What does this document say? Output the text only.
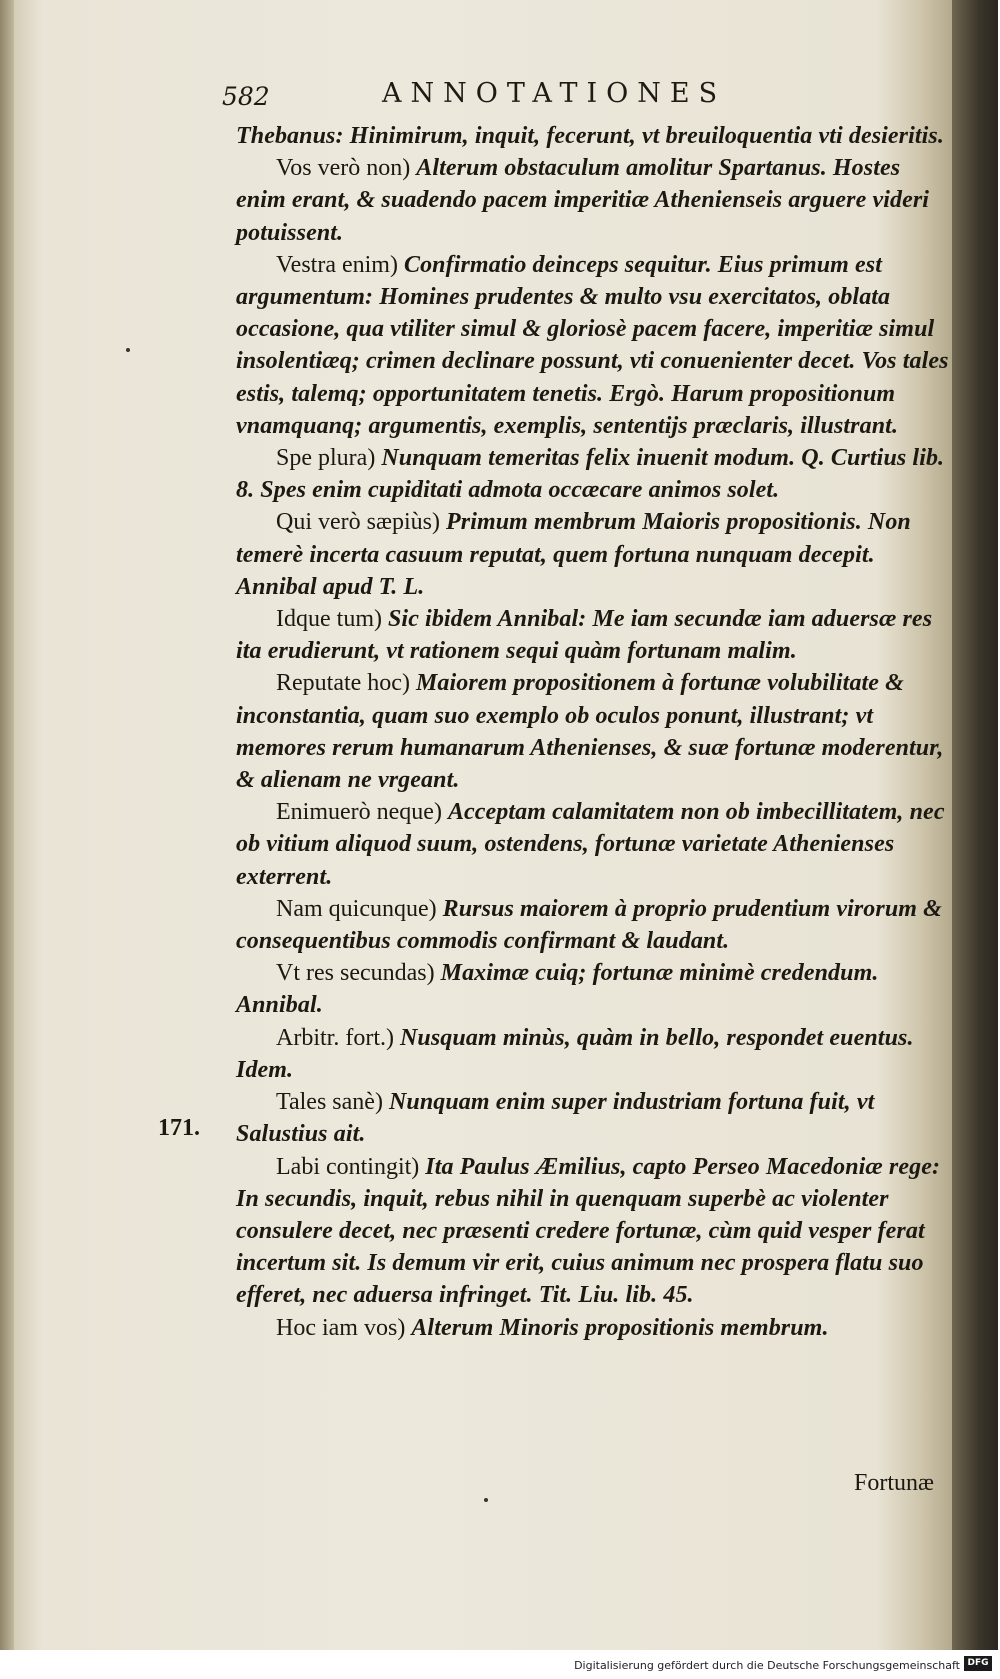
582	ANNOTATIONES
171.

Thebanus: Hinimirum, inquit, fecerunt, vt breuiloquentia vti desieritis.

Vos verò non) Alterum obstaculum amolitur Spartanus. Hostes enim erant, & suadendo pacem imperitiæ Athenienseis arguere videri potuissent.

Vestra enim) Confirmatio deinceps sequitur. Eius primum est argumentum: Homines prudentes & multo vsu exercitatos, oblata occasione, qua vtiliter simul & gloriosè pacem facere, imperitiæ simul insolentiæq; crimen declinare possunt, vti conuenienter decet. Vos tales estis, talemq; opportunitatem tenetis. Ergò. Harum propositionum vnamquanq; argumentis, exemplis, sententijs præclaris, illustrant.

Spe plura) Nunquam temeritas felix inuenit modum. Q. Curtius lib. 8. Spes enim cupiditati admota occæcare animos solet.

Qui verò sæpiùs) Primum membrum Maioris propositionis. Non temerè incerta casuum reputat, quem fortuna nunquam decepit. Annibal apud T. L.

Idque tum) Sic ibidem Annibal: Me iam secundæ iam aduersæ res ita erudierunt, vt rationem sequi quàm fortunam malim.

Reputate hoc) Maiorem propositionem à fortunæ volubilitate & inconstantia, quam suo exemplo ob oculos ponunt, illustrant; vt memores rerum humanarum Athenienses, & suæ fortunæ moderentur, & alienam ne vrgeant.

Enimuerò neque) Acceptam calamitatem non ob imbecillitatem, nec ob vitium aliquod suum, ostendens, fortunæ varietate Athenienses exterrent.

Nam quicunque) Rursus maiorem à proprio prudentium virorum & consequentibus commodis confirmant & laudant.

Vt res secundas) Maximæ cuiq; fortunæ minimè credendum. Annibal.

Arbitr. fort.) Nusquam minùs, quàm in bello, respondet euentus. Idem.

Tales sanè) Nunquam enim super industriam fortuna fuit, vt Salustius ait.

Labi contingit) Ita Paulus Æmilius, capto Perseo Macedoniæ rege: In secundis, inquit, rebus nihil in quenquam superbè ac violenter consulere decet, nec præsenti credere fortunæ, cùm quid vesper ferat incertum sit. Is demum vir erit, cuius animum nec prospera flatu suo efferet, nec aduersa infringet. Tit. Liu. lib. 45.

Hoc iam vos) Alterum Minoris propositionis membrum.

Fortunæ
Digitalisierung gefördert durch die Deutsche Forschungsgemeinschaft DFG
